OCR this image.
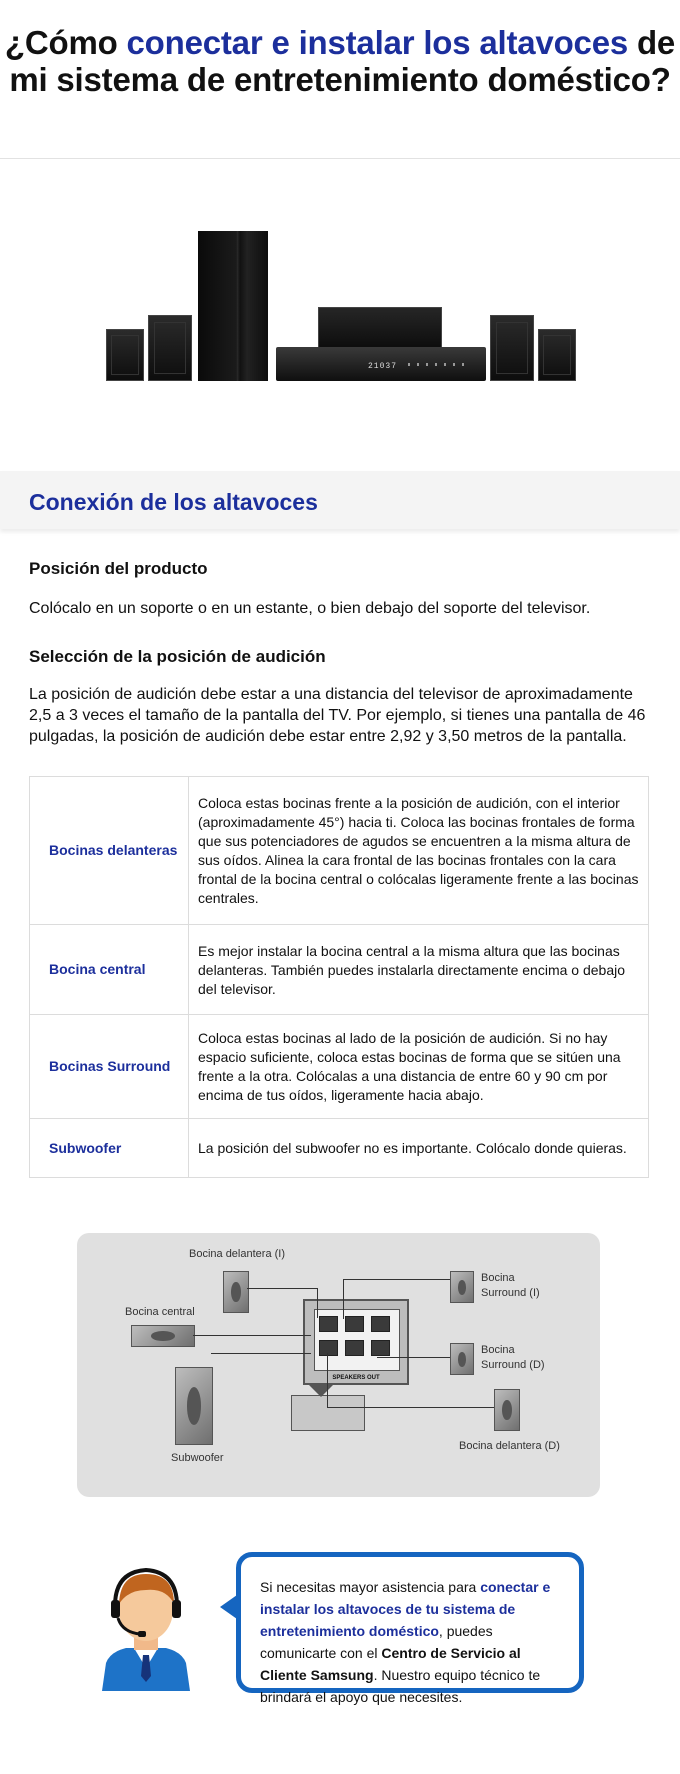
¿Cómo conectar e instalar los altavoces de mi sistema de entretenimiento doméstico?
21037
Conexión de los altavoces
Posición del producto

Colócalo en un soporte o en un estante, o bien debajo del soporte del televisor.

Selección de la posición de audición

La posición de audición debe estar a una distancia del televisor de aproximadamente 2,5 a 3 veces el tamaño de la pantalla del TV. Por ejemplo, si tienes una pantalla de 46 pulgadas, la posición de audición debe estar entre 2,92 y 3,50 metros de la pantalla.

Bocinas delanteras	Coloca estas bocinas frente a la posición de audición, con el interior (aproximadamente 45°) hacia ti. Coloca las bocinas frontales de forma que sus potenciadores de agudos se encuentren a la misma altura de sus oídos. Alinea la cara frontal de las bocinas frontales con la cara frontal de la bocina central o colócalas ligeramente frente a las bocinas centrales.
Bocina central	Es mejor instalar la bocina central a la misma altura que las bocinas delanteras. También puedes instalarla directamente encima o debajo del televisor.
Bocinas Surround	Coloca estas bocinas al lado de la posición de audición. Si no hay espacio suficiente, coloca estas bocinas de forma que se sitúen una frente a la otra. Colócalas a una distancia de entre 60 y 90 cm por encima de tus oídos, ligeramente hacia abajo.
Subwoofer	La posición del subwoofer no es importante. Colócalo donde quieras.
Bocina delantera (I)
Bocina central
Subwoofer
Bocina
Surround (I)
Bocina
Surround (D)
Bocina delantera (D)
SPEAKERS OUT
Si necesitas mayor asistencia para conectar e instalar los altavoces de tu sistema de entretenimiento doméstico, puedes comunicarte con el Centro de Servicio al Cliente Samsung. Nuestro equipo técnico te brindará el apoyo que necesites.
